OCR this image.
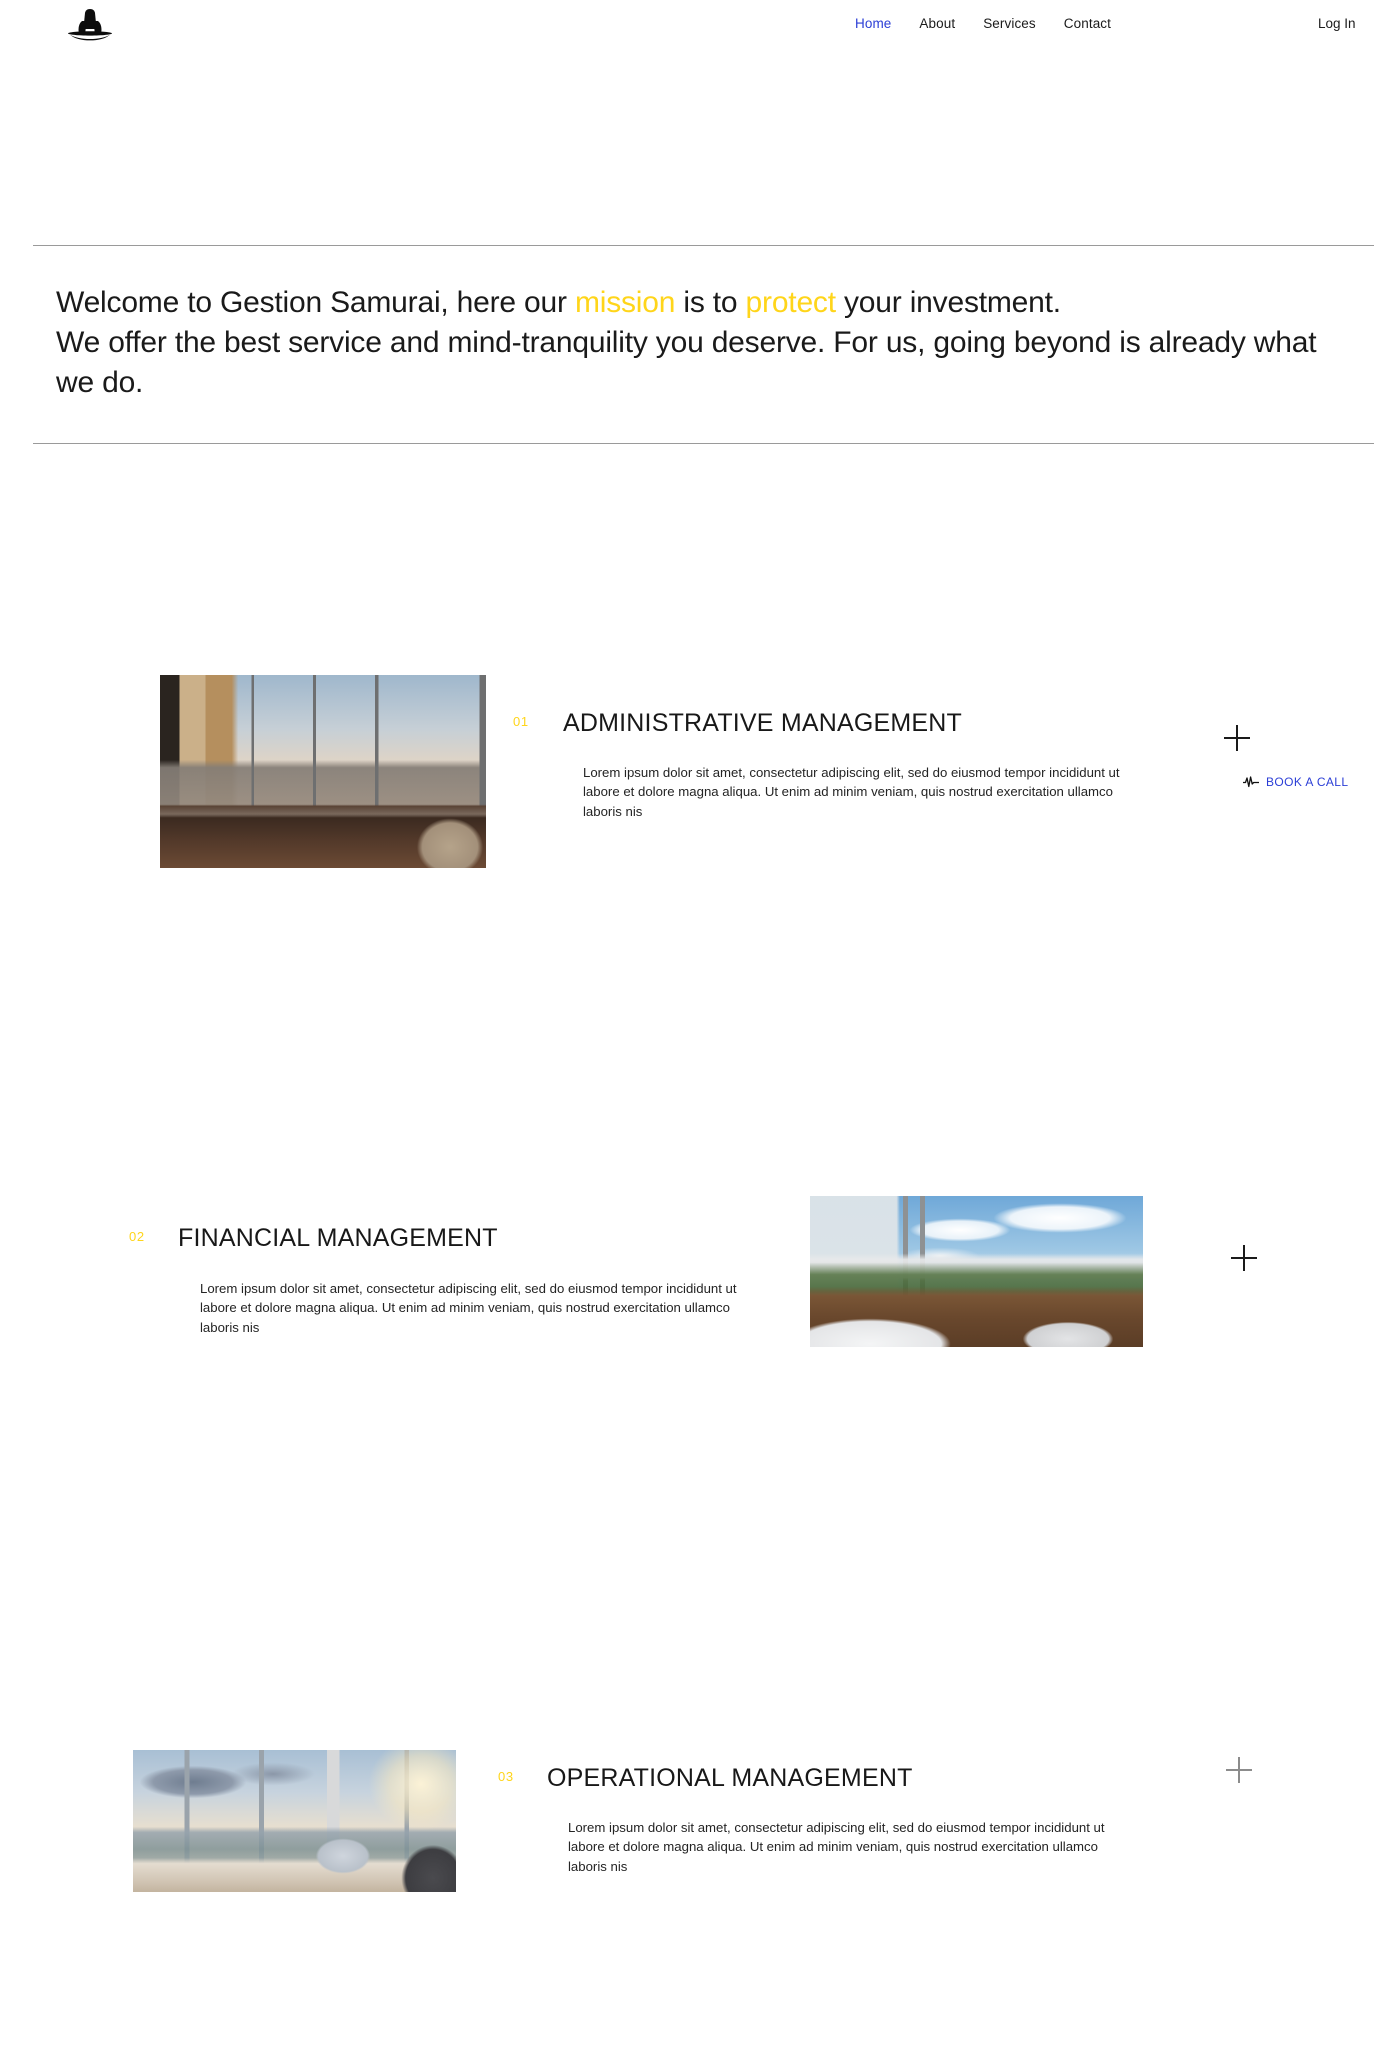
Home About Services Contact	Log In

Welcome to Gestion Samurai, here our mission is to protect your investment.
We offer the best service and mind-tranquility you deserve. For us, going beyond is already what we do.

01 ADMINISTRATIVE MANAGEMENT

Lorem ipsum dolor sit amet, consectetur adipiscing elit, sed do eiusmod tempor incididunt ut labore et dolore magna aliqua. Ut enim ad minim veniam, quis nostrud exercitation ullamco laboris nis

BOOK A CALL
02 FINANCIAL MANAGEMENT

Lorem ipsum dolor sit amet, consectetur adipiscing elit, sed do eiusmod tempor incididunt ut labore et dolore magna aliqua. Ut enim ad minim veniam, quis nostrud exercitation ullamco laboris nis

03 OPERATIONAL MANAGEMENT

Lorem ipsum dolor sit amet, consectetur adipiscing elit, sed do eiusmod tempor incididunt ut labore et dolore magna aliqua. Ut enim ad minim veniam, quis nostrud exercitation ullamco laboris nis
